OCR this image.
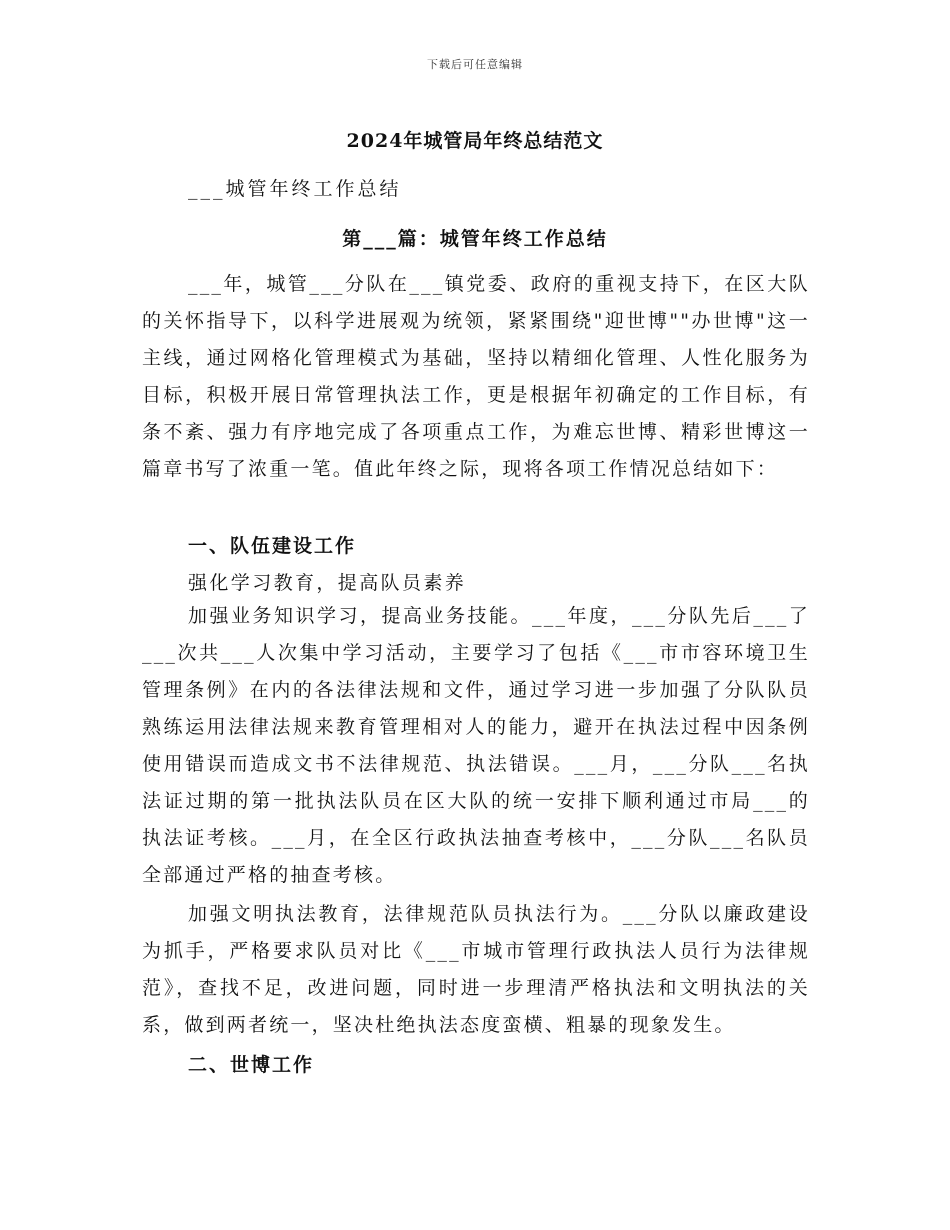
下载后可任意编辑
2024年城管局年终总结范文
___城管年终工作总结
第___篇：城管年终工作总结
___年，城管___分队在___镇党委、政府的重视支持下，在区大队的关怀指导下，以科学进展观为统领，紧紧围绕"迎世博""办世博"这一主线，通过网格化管理模式为基础，坚持以精细化管理、人性化服务为目标，积极开展日常管理执法工作，更是根据年初确定的工作目标，有条不紊、强力有序地完成了各项重点工作，为难忘世博、精彩世博这一篇章书写了浓重一笔。值此年终之际，现将各项工作情况总结如下：
一、队伍建设工作
强化学习教育，提高队员素养
加强业务知识学习，提高业务技能。___年度，___分队先后___了___次共___人次集中学习活动，主要学习了包括《___市市容环境卫生管理条例》在内的各法律法规和文件，通过学习进一步加强了分队队员熟练运用法律法规来教育管理相对人的能力，避开在执法过程中因条例使用错误而造成文书不法律规范、执法错误。___月，___分队___名执法证过期的第一批执法队员在区大队的统一安排下顺利通过市局___的执法证考核。___月，在全区行政执法抽查考核中，___分队___名队员全部通过严格的抽查考核。
加强文明执法教育，法律规范队员执法行为。___分队以廉政建设为抓手，严格要求队员对比《___市城市管理行政执法人员行为法律规范》，查找不足，改进问题，同时进一步理清严格执法和文明执法的关系，做到两者统一，坚决杜绝执法态度蛮横、粗暴的现象发生。
二、世博工作
